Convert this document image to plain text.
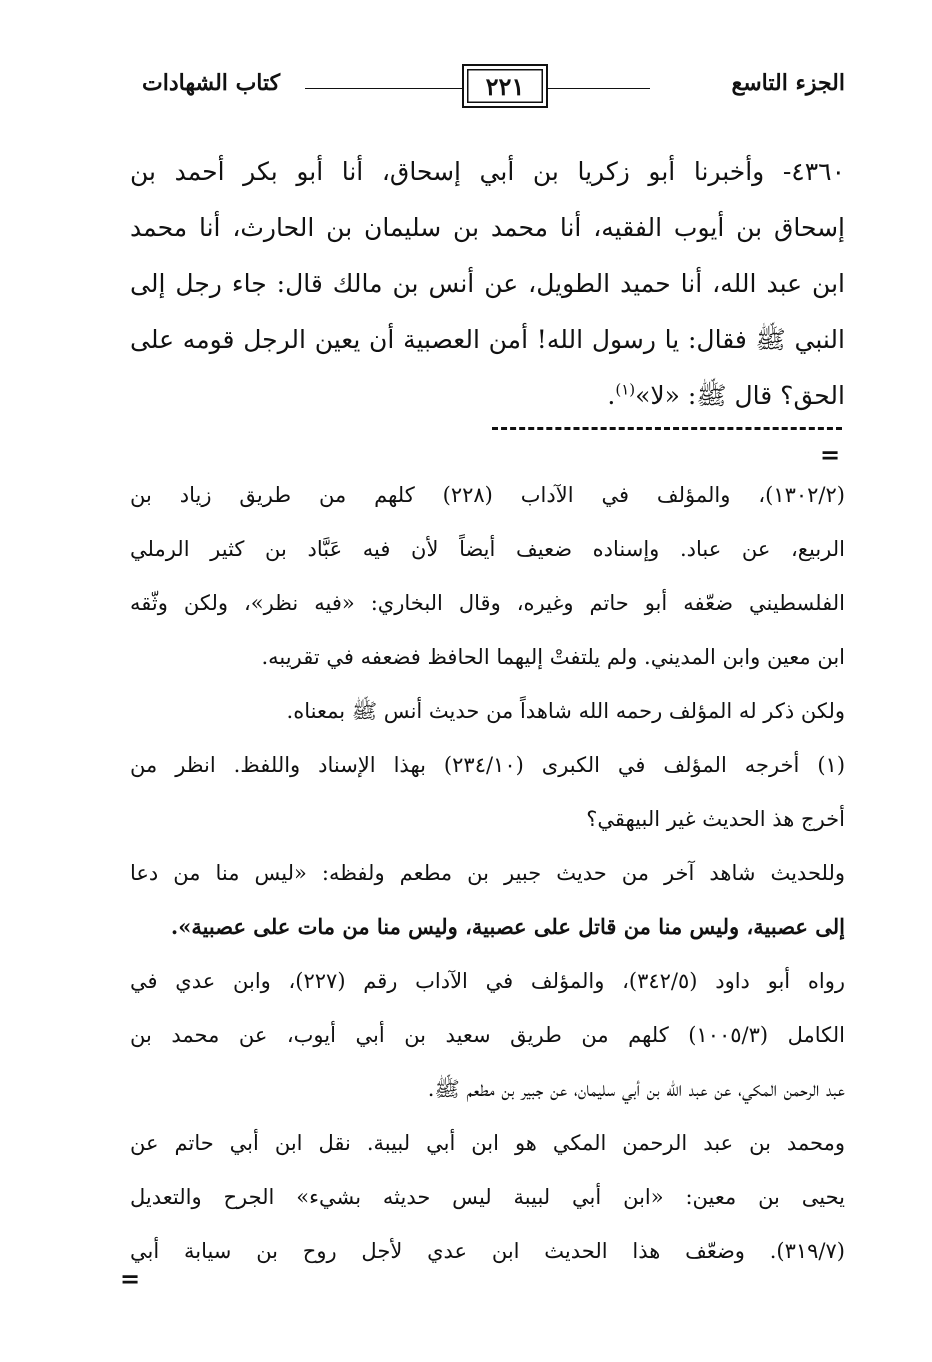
الجزء التاسع
٢٢١
كتاب الشهادات
٤٣٦٠- وأخبرنا أبو زكريا بن أبي إسحاق، أنا أبو بكر أحمد بن
إسحاق بن أيوب الفقيه، أنا محمد بن سليمان بن الحارث، أنا محمد
ابن عبد الله، أنا حميد الطويل، عن أنس بن مالك قال: جاء رجل إلى
النبي ﷺ فقال: يا رسول الله! أمن العصبية أن يعين الرجل قومه على
الحق؟ قال ﷺ: «لا»$^{(١)}$.
=
(١٣٠٢/٢)، والمؤلف في الآداب (٢٢٨) كلهم من طريق زياد بن
الربيع، عن عباد. وإسناده ضعيف أيضاً لأن فيه عَبَّاد بن كثير الرملي
الفلسطيني ضعّفه أبو حاتم وغيره، وقال البخاري: «فيه نظر»، ولكن وثّقه
ابن معين وابن المديني. ولم يلتفتْ إليهما الحافظ فضعفه في تقريبه.
ولكن ذكر له المؤلف رحمه الله شاهداً من حديث أنس ﷺ بمعناه.
(١) أخرجه المؤلف في الكبرى (٢٣٤/١٠) بهذا الإسناد واللفظ. انظر من
أخرج هذ الحديث غير البيهقي؟
وللحديث شاهد آخر من حديث جبير بن مطعم ولفظه: «ليس منا من دعا
إلى عصبية، وليس منا من قاتل على عصبية، وليس منا من مات على عصبية».
رواه أبو داود (٣٤٢/٥)، والمؤلف في الآداب رقم (٢٢٧)، وابن عدي في
الكامل (١٠٠٥/٣) كلهم من طريق سعيد بن أبي أيوب، عن محمد بن
عبد الرحمن المكي، عن عبد الله بن أبي سليمان، عن جبير بن مطعم ﷺ.
ومحمد بن عبد الرحمن المكي هو ابن أبي لبيبة. نقل ابن أبي حاتم عن
يحيى بن معين: «ابن أبي لبيبة ليس حديثه بشيء» الجرح والتعديل
(٣١٩/٧). وضعّف هذا الحديث ابن عدي لأجل روح بن سيابة أبي
=
